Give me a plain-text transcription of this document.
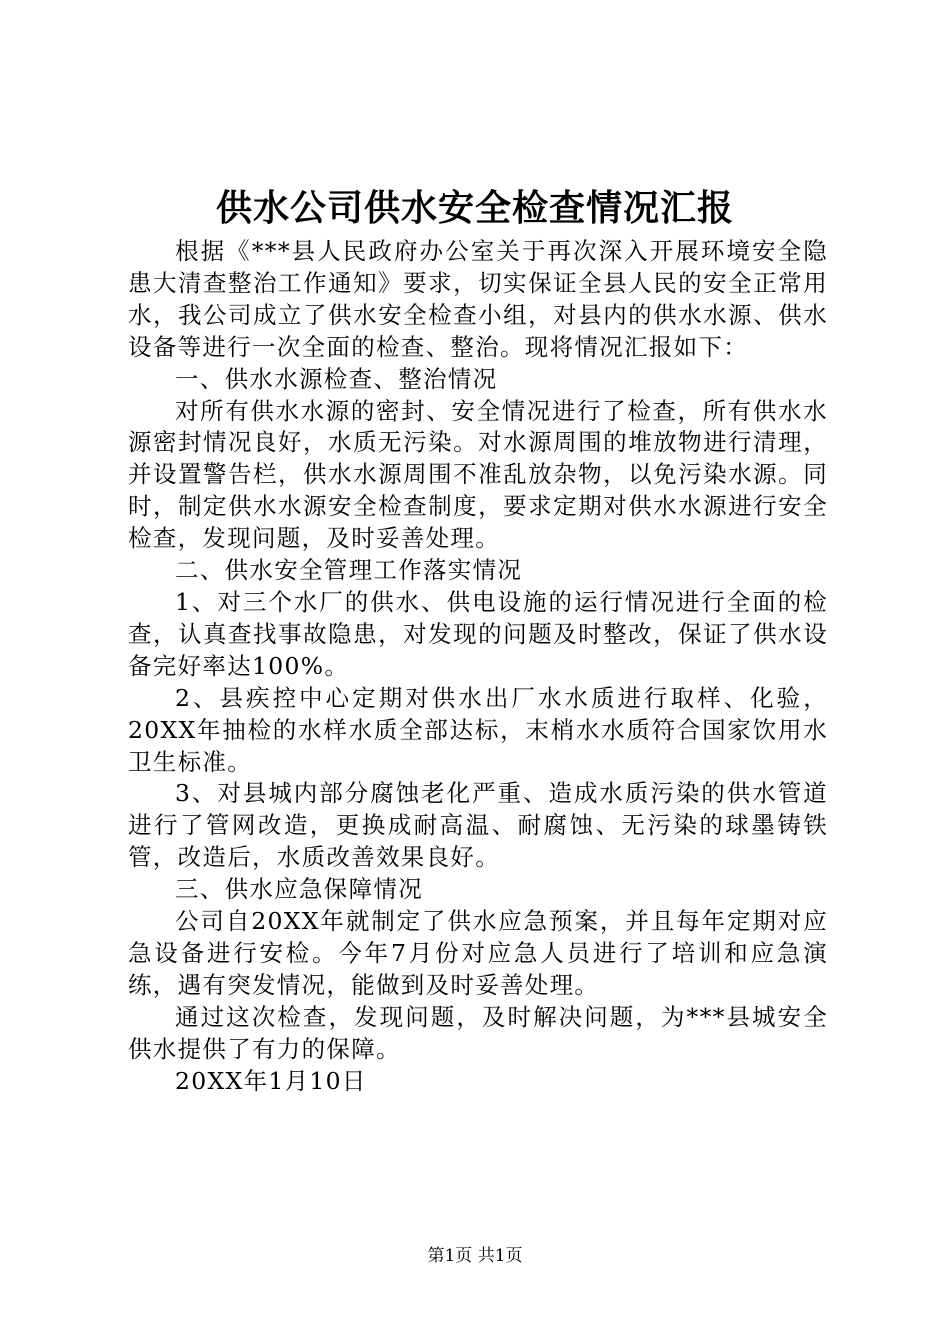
供水公司供水安全检查情况汇报

根据《***县人民政府办公室关于再次深入开展环境安全隐患大清查整治工作通知》要求，切实保证全县人民的安全正常用水，我公司成立了供水安全检查小组，对县内的供水水源、供水设备等进行一次全面的检查、整治。现将情况汇报如下：

一、供水水源检查、整治情况

对所有供水水源的密封、安全情况进行了检查，所有供水水源密封情况良好，水质无污染。对水源周围的堆放物进行清理，并设置警告栏，供水水源周围不准乱放杂物，以免污染水源。同时，制定供水水源安全检查制度，要求定期对供水水源进行安全检查，发现问题，及时妥善处理。

二、供水安全管理工作落实情况

1、对三个水厂的供水、供电设施的运行情况进行全面的检查，认真查找事故隐患，对发现的问题及时整改，保证了供水设备完好率达100%。

2、县疾控中心定期对供水出厂水水质进行取样、化验，20XX年抽检的水样水质全部达标，末梢水水质符合国家饮用水卫生标准。

3、对县城内部分腐蚀老化严重、造成水质污染的供水管道进行了管网改造，更换成耐高温、耐腐蚀、无污染的球墨铸铁管，改造后，水质改善效果良好。

三、供水应急保障情况

公司自20XX年就制定了供水应急预案，并且每年定期对应急设备进行安检。今年7月份对应急人员进行了培训和应急演练，遇有突发情况，能做到及时妥善处理。

通过这次检查，发现问题，及时解决问题，为***县城安全供水提供了有力的保障。

20XX年1月10日

第1页 共1页
